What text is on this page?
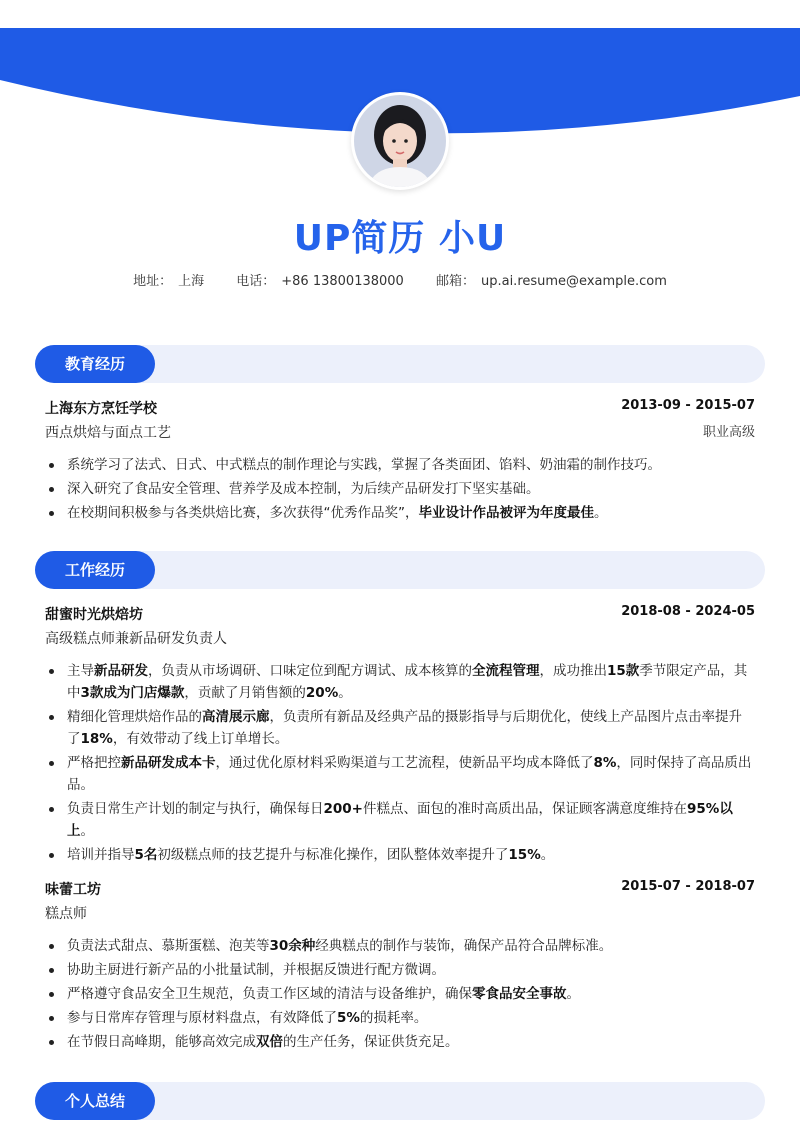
UP简历 小U
地址： 上海 电话： +86 13800138000 邮箱： up.ai.resume@example.com
教育经历
上海东方烹饪学校	2013-09 - 2015-07
西点烘焙与面点工艺	职业高级
系统学习了法式、日式、中式糕点的制作理论与实践，掌握了各类面团、馅料、奶油霜的制作技巧。
深入研究了食品安全管理、营养学及成本控制，为后续产品研发打下坚实基础。
在校期间积极参与各类烘焙比赛，多次获得“优秀作品奖”，毕业设计作品被评为年度最佳。
工作经历
甜蜜时光烘焙坊	2018-08 - 2024-05
高级糕点师兼新品研发负责人
主导新品研发，负责从市场调研、口味定位到配方调试、成本核算的全流程管理，成功推出15款季节限定产品，其中3款成为门店爆款，贡献了月销售额的20%。
精细化管理烘焙作品的高清展示廊，负责所有新品及经典产品的摄影指导与后期优化，使线上产品图片点击率提升了18%，有效带动了线上订单增长。
严格把控新品研发成本卡，通过优化原材料采购渠道与工艺流程，使新品平均成本降低了8%，同时保持了高品质出品。
负责日常生产计划的制定与执行，确保每日200+件糕点、面包的准时高质出品，保证顾客满意度维持在95%以上。
培训并指导5名初级糕点师的技艺提升与标准化操作，团队整体效率提升了15%。
味蕾工坊	2015-07 - 2018-07
糕点师
负责法式甜点、慕斯蛋糕、泡芙等30余种经典糕点的制作与装饰，确保产品符合品牌标准。
协助主厨进行新产品的小批量试制，并根据反馈进行配方微调。
严格遵守食品安全卫生规范，负责工作区域的清洁与设备维护，确保零食品安全事故。
参与日常库存管理与原材料盘点，有效降低了5%的损耗率。
在节假日高峰期，能够高效完成双倍的生产任务，保证供货充足。
个人总结
